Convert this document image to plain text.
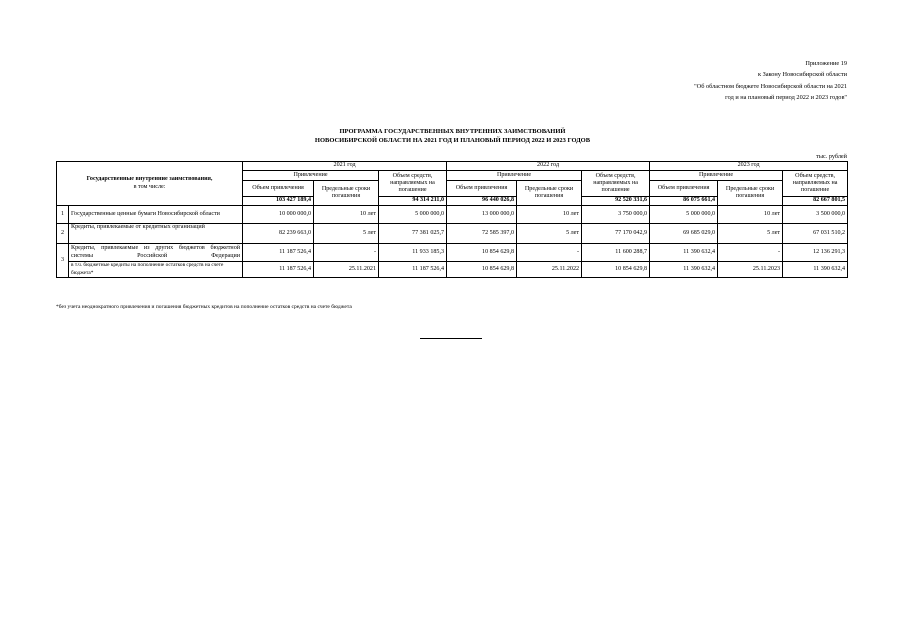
Приложение 19
к Закону Новосибирской области
"Об областном бюджете Новосибирской области на 2021
год и на плановый период 2022 и 2023 годов"
ПРОГРАММА ГОСУДАРСТВЕННЫХ ВНУТРЕННИХ ЗАИМСТВОВАНИЙ
НОВОСИБИРСКОЙ ОБЛАСТИ НА 2021 ГОД И ПЛАНОВЫЙ ПЕРИОД 2022 И 2023 ГОДОВ
тыс. рублей
Государственные внутренние заимствования,
в том числе:		2021 год			2022 год			2023 год		
		Привлечение		Объем средств, направляемых на погашение	Привлечение		Объем средств, направляемых на погашение	Привлечение		Объем средств, направляемых на погашение
		Объем привлечения	Предельные сроки погашения		Объем привлечения	Предельные сроки погашения		Объем привлечения	Предельные сроки погашения	
		103 427 189,4		94 314 211,0	96 440 026,8		92 520 331,6	86 075 661,4		82 667 801,5
1	Государственные ценные бумаги Новосибирской области	10 000 000,0	10 лет	5 000 000,0	13 000 000,0	10 лет	3 750 000,0	5 000 000,0	10 лет	3 500 000,0
2	Кредиты, привлекаемые от кредитных организаций	82 239 663,0	5 лет	77 381 025,7	72 585 397,0	5 лет	77 170 042,9	69 685 029,0	5 лет	67 031 510,2
3	Кредиты, привлекаемые из других бюджетов бюджетной системы Российской Федерации	11 187 526,4	-	11 933 185,3	10 854 629,8	-	11 600 288,7	11 390 632,4	-	12 136 291,3
	в т.ч. бюджетные кредиты на пополнение остатков средств на счете бюджета*	11 187 526,4	25.11.2021	11 187 526,4	10 854 629,8	25.11.2022	10 854 629,8	11 390 632,4	25.11.2023	11 390 632,4
*без учета неоднократного привлечения и погашения бюджетных кредитов на пополнение остатков средств на счете бюджета
